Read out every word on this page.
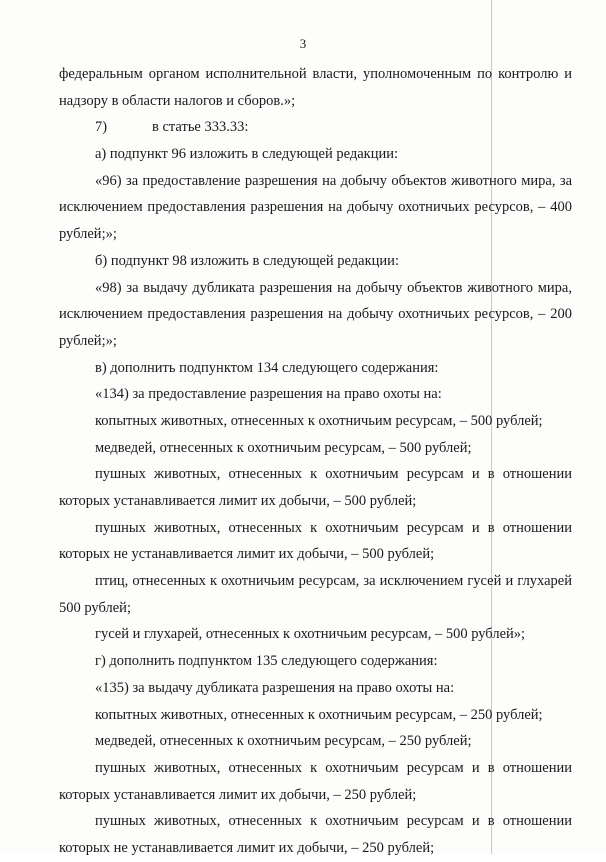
3
федеральным органом исполнительной власти, уполномоченным по контролю и
надзору в области налогов и сборов.»;
7)	в статье 333.33:
а) подпункт 96 изложить в следующей редакции:
«96) за предоставление разрешения на добычу объектов животного мира, за
исключением предоставления разрешения на добычу охотничьих ресурсов, – 400
рублей;»;
б) подпункт 98 изложить в следующей редакции:
«98) за выдачу дубликата разрешения на добычу объектов животного мира,
исключением предоставления разрешения на добычу охотничьих ресурсов, – 200
рублей;»;
в) дополнить подпунктом 134 следующего содержания:
«134) за предоставление разрешения на право охоты на:
копытных животных, отнесенных к охотничьим ресурсам, – 500 рублей;
медведей, отнесенных к охотничьим ресурсам, – 500 рублей;
пушных животных, отнесенных к охотничьим ресурсам и в отношении
которых устанавливается лимит их добычи, – 500 рублей;
пушных животных, отнесенных к охотничьим ресурсам и в отношении
которых не устанавливается лимит их добычи, – 500 рублей;
птиц, отнесенных к охотничьим ресурсам, за исключением гусей и глухарей
500 рублей;
гусей и глухарей, отнесенных к охотничьим ресурсам, – 500 рублей»;
г) дополнить подпунктом 135 следующего содержания:
«135) за выдачу дубликата разрешения на право охоты на:
копытных животных, отнесенных к охотничьим ресурсам, – 250 рублей;
медведей, отнесенных к охотничьим ресурсам, – 250 рублей;
пушных животных, отнесенных к охотничьим ресурсам и в отношении
которых устанавливается лимит их добычи, – 250 рублей;
пушных животных, отнесенных к охотничьим ресурсам и в отношении
которых не устанавливается лимит их добычи, – 250 рублей;
